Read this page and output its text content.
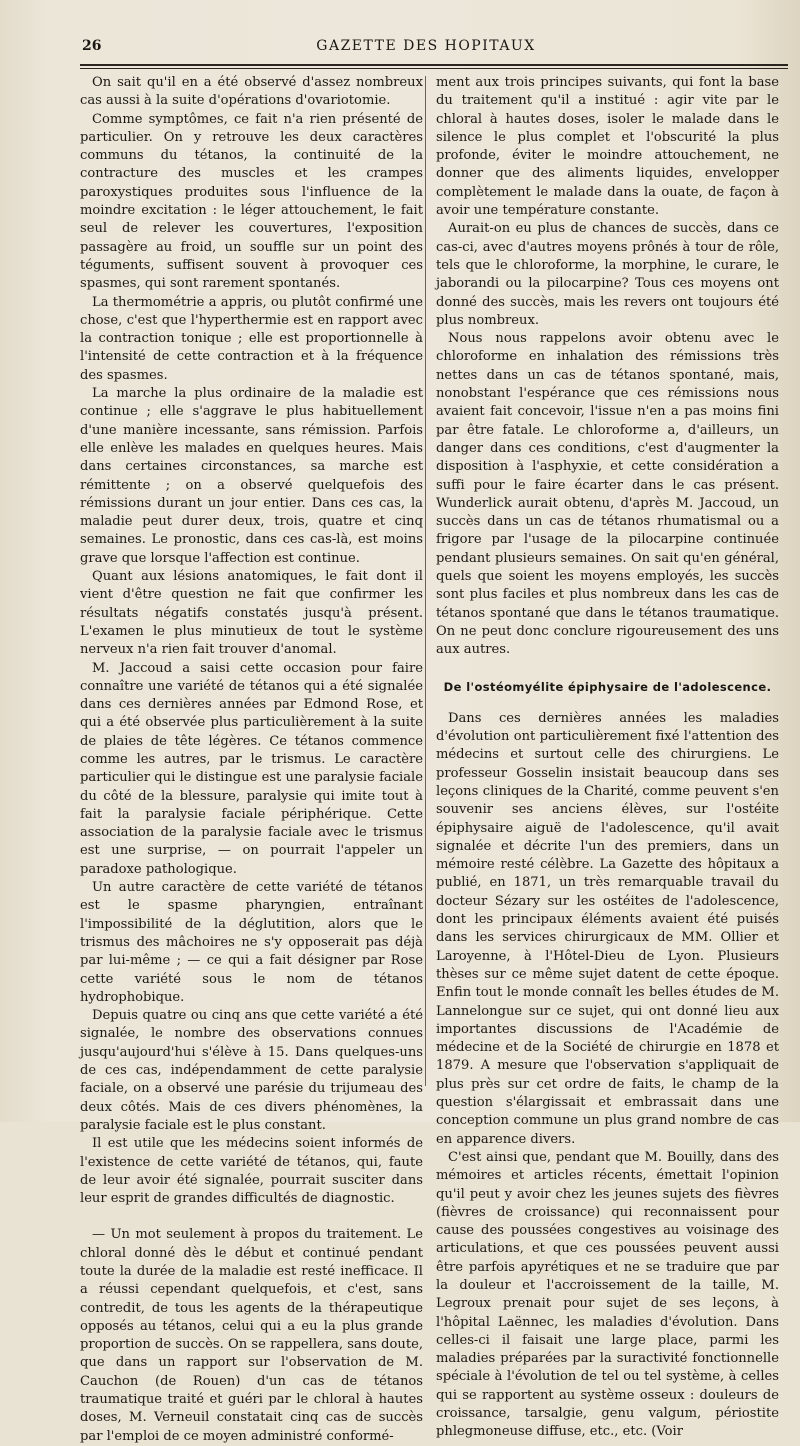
26	GAZETTE DES HOPITAUX

On sait qu'il en a été observé d'assez nombreux cas aussi à la suite d'opérations d'ovariotomie.

Comme symptômes, ce fait n'a rien présenté de particulier. On y retrouve les deux caractères communs du tétanos, la continuité de la contracture des muscles et les crampes paroxystiques produites sous l'influence de la moindre excitation : le léger attouchement, le fait seul de relever les couvertures, l'exposition passagère au froid, un souffle sur un point des téguments, suffisent souvent à provoquer ces spasmes, qui sont rarement spontanés.

La thermométrie a appris, ou plutôt confirmé une chose, c'est que l'hyperthermie est en rapport avec la contraction tonique ; elle est proportionnelle à l'intensité de cette contraction et à la fréquence des spasmes.

La marche la plus ordinaire de la maladie est continue ; elle s'aggrave le plus habituellement d'une manière incessante, sans rémission. Parfois elle enlève les malades en quelques heures. Mais dans certaines circonstances, sa marche est rémittente ; on a observé quelquefois des rémissions durant un jour entier. Dans ces cas, la maladie peut durer deux, trois, quatre et cinq semaines. Le pronostic, dans ces cas-là, est moins grave que lorsque l'affection est continue.

Quant aux lésions anatomiques, le fait dont il vient d'être question ne fait que confirmer les résultats négatifs constatés jusqu'à présent. L'examen le plus minutieux de tout le système nerveux n'a rien fait trouver d'anomal.

M. Jaccoud a saisi cette occasion pour faire connaître une variété de tétanos qui a été signalée dans ces dernières années par Edmond Rose, et qui a été observée plus particulièrement à la suite de plaies de tête légères. Ce tétanos commence comme les autres, par le trismus. Le caractère particulier qui le distingue est une paralysie faciale du côté de la blessure, paralysie qui imite tout à fait la paralysie faciale périphérique. Cette association de la paralysie faciale avec le trismus est une surprise, — on pourrait l'appeler un paradoxe pathologique.

Un autre caractère de cette variété de tétanos est le spasme pharyngien, entraînant l'impossibilité de la déglutition, alors que le trismus des mâchoires ne s'y opposerait pas déjà par lui-même ; — ce qui a fait désigner par Rose cette variété sous le nom de tétanos hydrophobique.

Depuis quatre ou cinq ans que cette variété a été signalée, le nombre des observations connues jusqu'aujourd'hui s'élève à 15. Dans quelques-uns de ces cas, indépendamment de cette paralysie faciale, on a observé une parésie du trijumeau des deux côtés. Mais de ces divers phénomènes, la paralysie faciale est le plus constant.

Il est utile que les médecins soient informés de l'existence de cette variété de tétanos, qui, faute de leur avoir été signalée, pourrait susciter dans leur esprit de grandes difficultés de diagnostic.

— Un mot seulement à propos du traitement. Le chloral donné dès le début et continué pendant toute la durée de la maladie est resté inefficace. Il a réussi cependant quelquefois, et c'est, sans contredit, de tous les agents de la thérapeutique opposés au tétanos, celui qui a eu la plus grande proportion de succès. On se rappellera, sans doute, que dans un rapport sur l'observation de M. Cauchon (de Rouen) d'un cas de tétanos traumatique traité et guéri par le chloral à hautes doses, M. Verneuil constatait cinq cas de succès par l'emploi de ce moyen administré conformé-

ment aux trois principes suivants, qui font la base du traitement qu'il a institué : agir vite par le chloral à hautes doses, isoler le malade dans le silence le plus complet et l'obscurité la plus profonde, éviter le moindre attouchement, ne donner que des aliments liquides, envelopper complètement le malade dans la ouate, de façon à avoir une température constante.

Aurait-on eu plus de chances de succès, dans ce cas-ci, avec d'autres moyens prônés à tour de rôle, tels que le chloroforme, la morphine, le curare, le jaborandi ou la pilocarpine? Tous ces moyens ont donné des succès, mais les revers ont toujours été plus nombreux.

Nous nous rappelons avoir obtenu avec le chloroforme en inhalation des rémissions très nettes dans un cas de tétanos spontané, mais, nonobstant l'espérance que ces rémissions nous avaient fait concevoir, l'issue n'en a pas moins fini par être fatale. Le chloroforme a, d'ailleurs, un danger dans ces conditions, c'est d'augmenter la disposition à l'asphyxie, et cette considération a suffi pour le faire écarter dans le cas présent. Wunderlick aurait obtenu, d'après M. Jaccoud, un succès dans un cas de tétanos rhumatismal ou a frigore par l'usage de la pilocarpine continuée pendant plusieurs semaines. On sait qu'en général, quels que soient les moyens employés, les succès sont plus faciles et plus nombreux dans les cas de tétanos spontané que dans le tétanos traumatique. On ne peut donc conclure rigoureusement des uns aux autres.

De l'ostéomyélite épiphysaire de l'adolescence.

Dans ces dernières années les maladies d'évolution ont particulièrement fixé l'attention des médecins et surtout celle des chirurgiens. Le professeur Gosselin insistait beaucoup dans ses leçons cliniques de la Charité, comme peuvent s'en souvenir ses anciens élèves, sur l'ostéite épiphysaire aiguë de l'adolescence, qu'il avait signalée et décrite l'un des premiers, dans un mémoire resté célèbre. La Gazette des hôpitaux a publié, en 1871, un très remarquable travail du docteur Sézary sur les ostéites de l'adolescence, dont les principaux éléments avaient été puisés dans les services chirurgicaux de MM. Ollier et Laroyenne, à l'Hôtel-Dieu de Lyon. Plusieurs thèses sur ce même sujet datent de cette époque. Enfin tout le monde connaît les belles études de M. Lannelongue sur ce sujet, qui ont donné lieu aux importantes discussions de l'Académie de médecine et de la Société de chirurgie en 1878 et 1879. A mesure que l'observation s'appliquait de plus près sur cet ordre de faits, le champ de la question s'élargissait et embrassait dans une conception commune un plus grand nombre de cas en apparence divers.

C'est ainsi que, pendant que M. Bouilly, dans des mémoires et articles récents, émettait l'opinion qu'il peut y avoir chez les jeunes sujets des fièvres (fièvres de croissance) qui reconnaissent pour cause des poussées congestives au voisinage des articulations, et que ces poussées peuvent aussi être parfois apyrétiques et ne se traduire que par la douleur et l'accroissement de la taille, M. Legroux prenait pour sujet de ses leçons, à l'hôpital Laënnec, les maladies d'évolution. Dans celles-ci il faisait une large place, parmi les maladies préparées par la suractivité fonctionnelle spéciale à l'évolution de tel ou tel système, à celles qui se rapportent au système osseux : douleurs de croissance, tarsalgie, genu valgum, périostite phlegmoneuse diffuse, etc., etc. (Voir
